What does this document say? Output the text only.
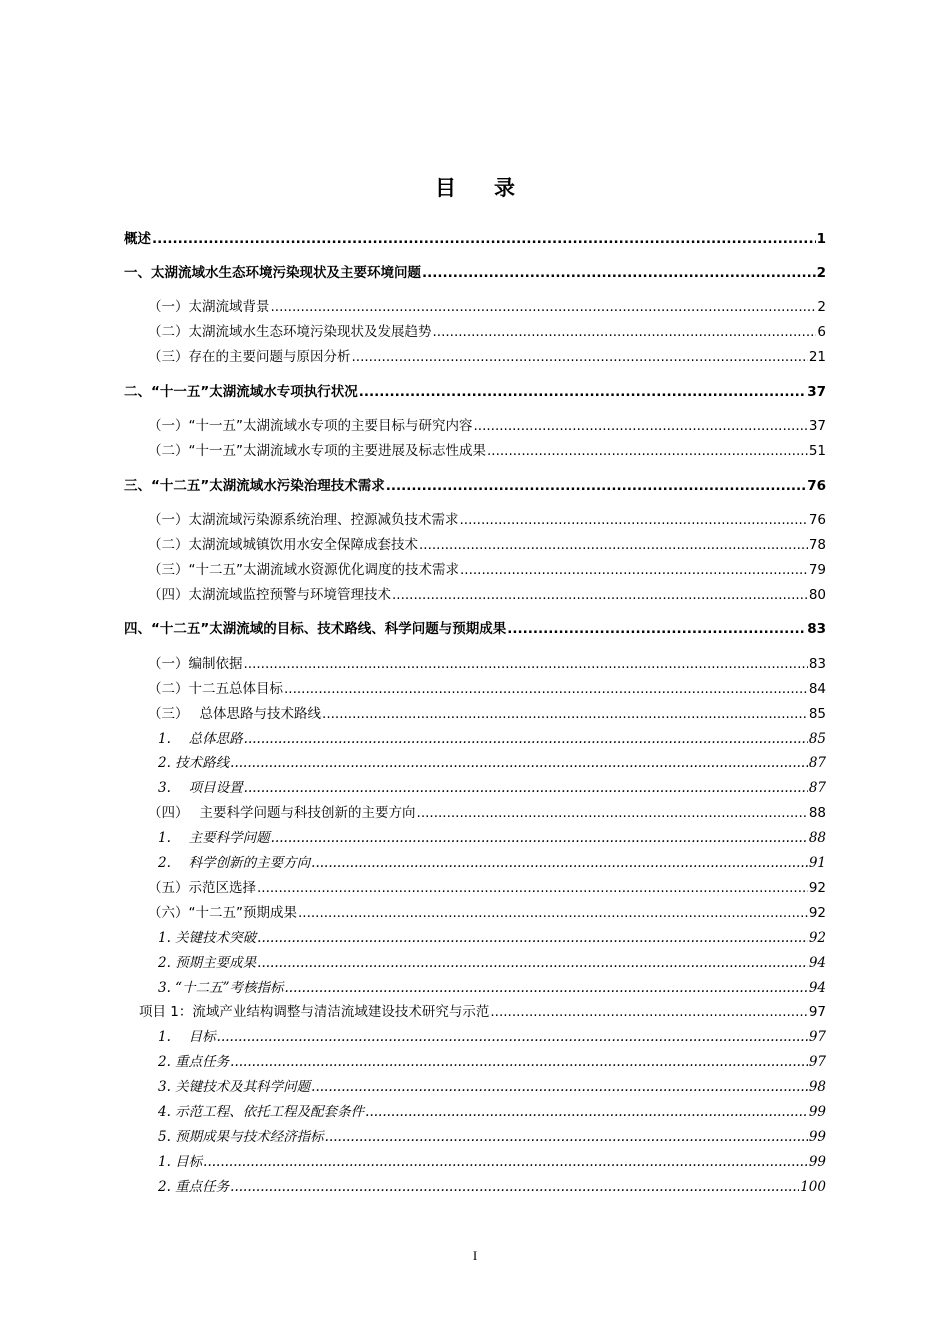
目 录
概述 .....	1
一、太湖流域水生态环境污染现状及主要环境问题 .....	2
（一）太湖流域背景 .....	2
（二）太湖流域水生态环境污染现状及发展趋势 .....	6
（三）存在的主要问题与原因分析 .....	21
二、“十一五”太湖流域水专项执行状况 .....	37
（一）“十一五”太湖流域水专项的主要目标与研究内容 .....	37
（二）“十一五”太湖流域水专项的主要进展及标志性成果 .....	51
三、“十二五”太湖流域水污染治理技术需求 .....	76
（一）太湖流域污染源系统治理、控源减负技术需求 .....	76
（二）太湖流域城镇饮用水安全保障成套技术 .....	78
（三）“十二五”太湖流域水资源优化调度的技术需求 .....	79
（四）太湖流域监控预警与环境管理技术 .....	80
四、“十二五”太湖流域的目标、技术路线、科学问题与预期成果 .....	83
（一）编制依据 .....	83
（二）十二五总体目标 .....	84
（三）　 总体思路与技术路线 .....	85
1.　 总体思路 .....	85
2. 技术路线 .....	87
3.　 项目设置 .....	87
（四）　 主要科学问题与科技创新的主要方向 .....	88
1.　 主要科学问题 .....	88
2.　 科学创新的主要方向 .....	91
（五）示范区选择 .....	92
（六）“十二五”预期成果 .....	92
1. 关键技术突破 .....	92
2. 预期主要成果 .....	94
3. “十二五”考核指标 .....	94
项目 1：流域产业结构调整与清洁流域建设技术研究与示范 .....	97
1.　 目标 .....	97
2. 重点任务 .....	97
3. 关键技术及其科学问题 .....	98
4. 示范工程、依托工程及配套条件 .....	99
5. 预期成果与技术经济指标 .....	99
1. 目标 .....	99
2. 重点任务 .....	100
I
